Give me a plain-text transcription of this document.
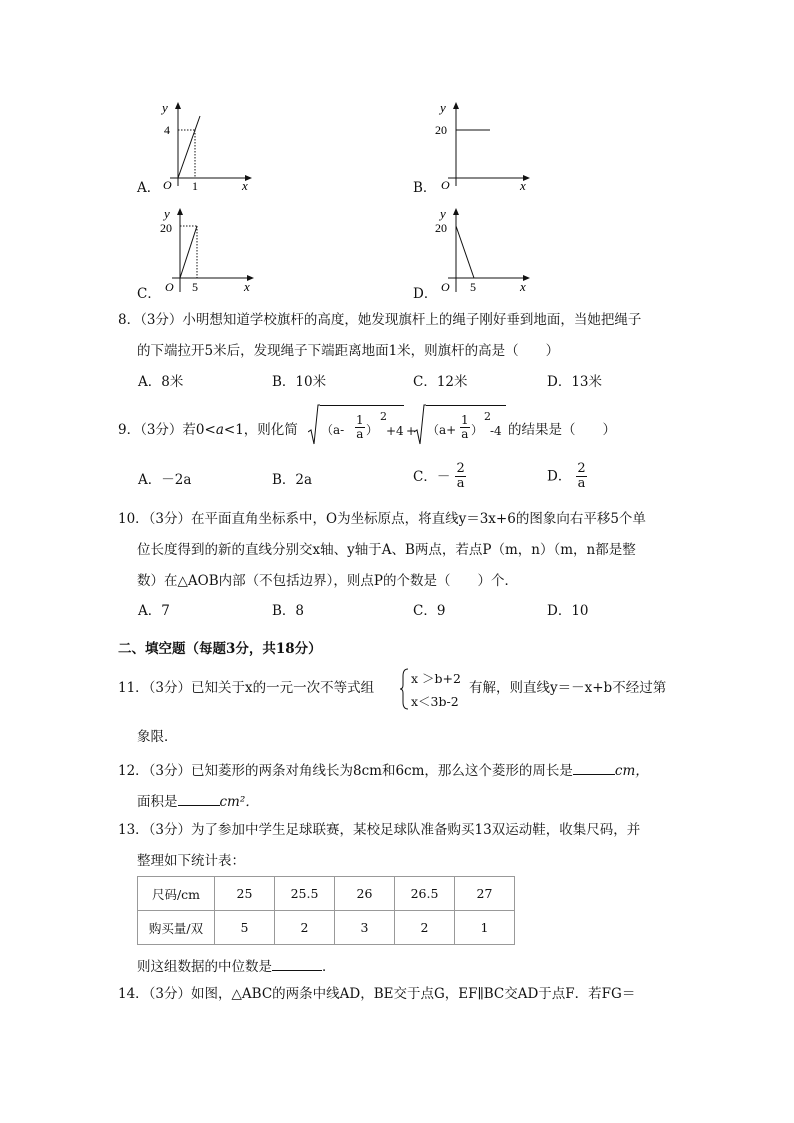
A．
y
4
O 1	x	B．
y
20
O	x
C．
y
20
O 5	x	D．
y
20
O 5	x
8．（3分）小明想知道学校旗杆的高度，她发现旗杆上的绳子刚好垂到地面，当她把绳子
的下端拉开5米后，发现绳子下端距离地面1米，则旗杆的高是（　　）
A．8米	B．10米	C．12米	D．13米
9．（3分）若0<a<1，则化简 （$a- \frac{1}{a}$ ）
2
$+4 + (a+ \frac{1}{a}$ ）
2
-4 的结果是（　　）
A．－2a	B．2a	C．－ $\frac{2}{a}$	D． $\frac{2}{a}$
10．（3分）在平面直角坐标系中，O为坐标原点，将直线y＝3x+6的图象向右平移5个单
位长度得到的新的直线分别交x轴、y轴于A、B两点，若点P（m，n）（m，n都是整
数）在△AOB内部（不包括边界），则点P的个数是（　　）个．
A．7	B．8	C．9	D．10
二、填空题（每题3分，共18分）
11．（3分）已知关于x的一元一次不等式组
x ＞b+2
x＜3b-2
有解，则直线y＝－x+b不经过第
象限．
12．（3分）已知菱形的两条对角线长为8cm和6cm，那么这个菱形的周长是	cm，
面积是	cm²．
13．（3分）为了参加中学生足球联赛，某校足球队准备购买13双运动鞋，收集尺码，并
整理如下统计表：
尺码/cm	25	25.5	26	26.5	27
购买量/双	5	2	3	2	1
则这组数据的中位数是	．
14．（3分）如图，△ABC的两条中线AD，BE交于点G，EF∥BC交AD于点F．若FG＝
